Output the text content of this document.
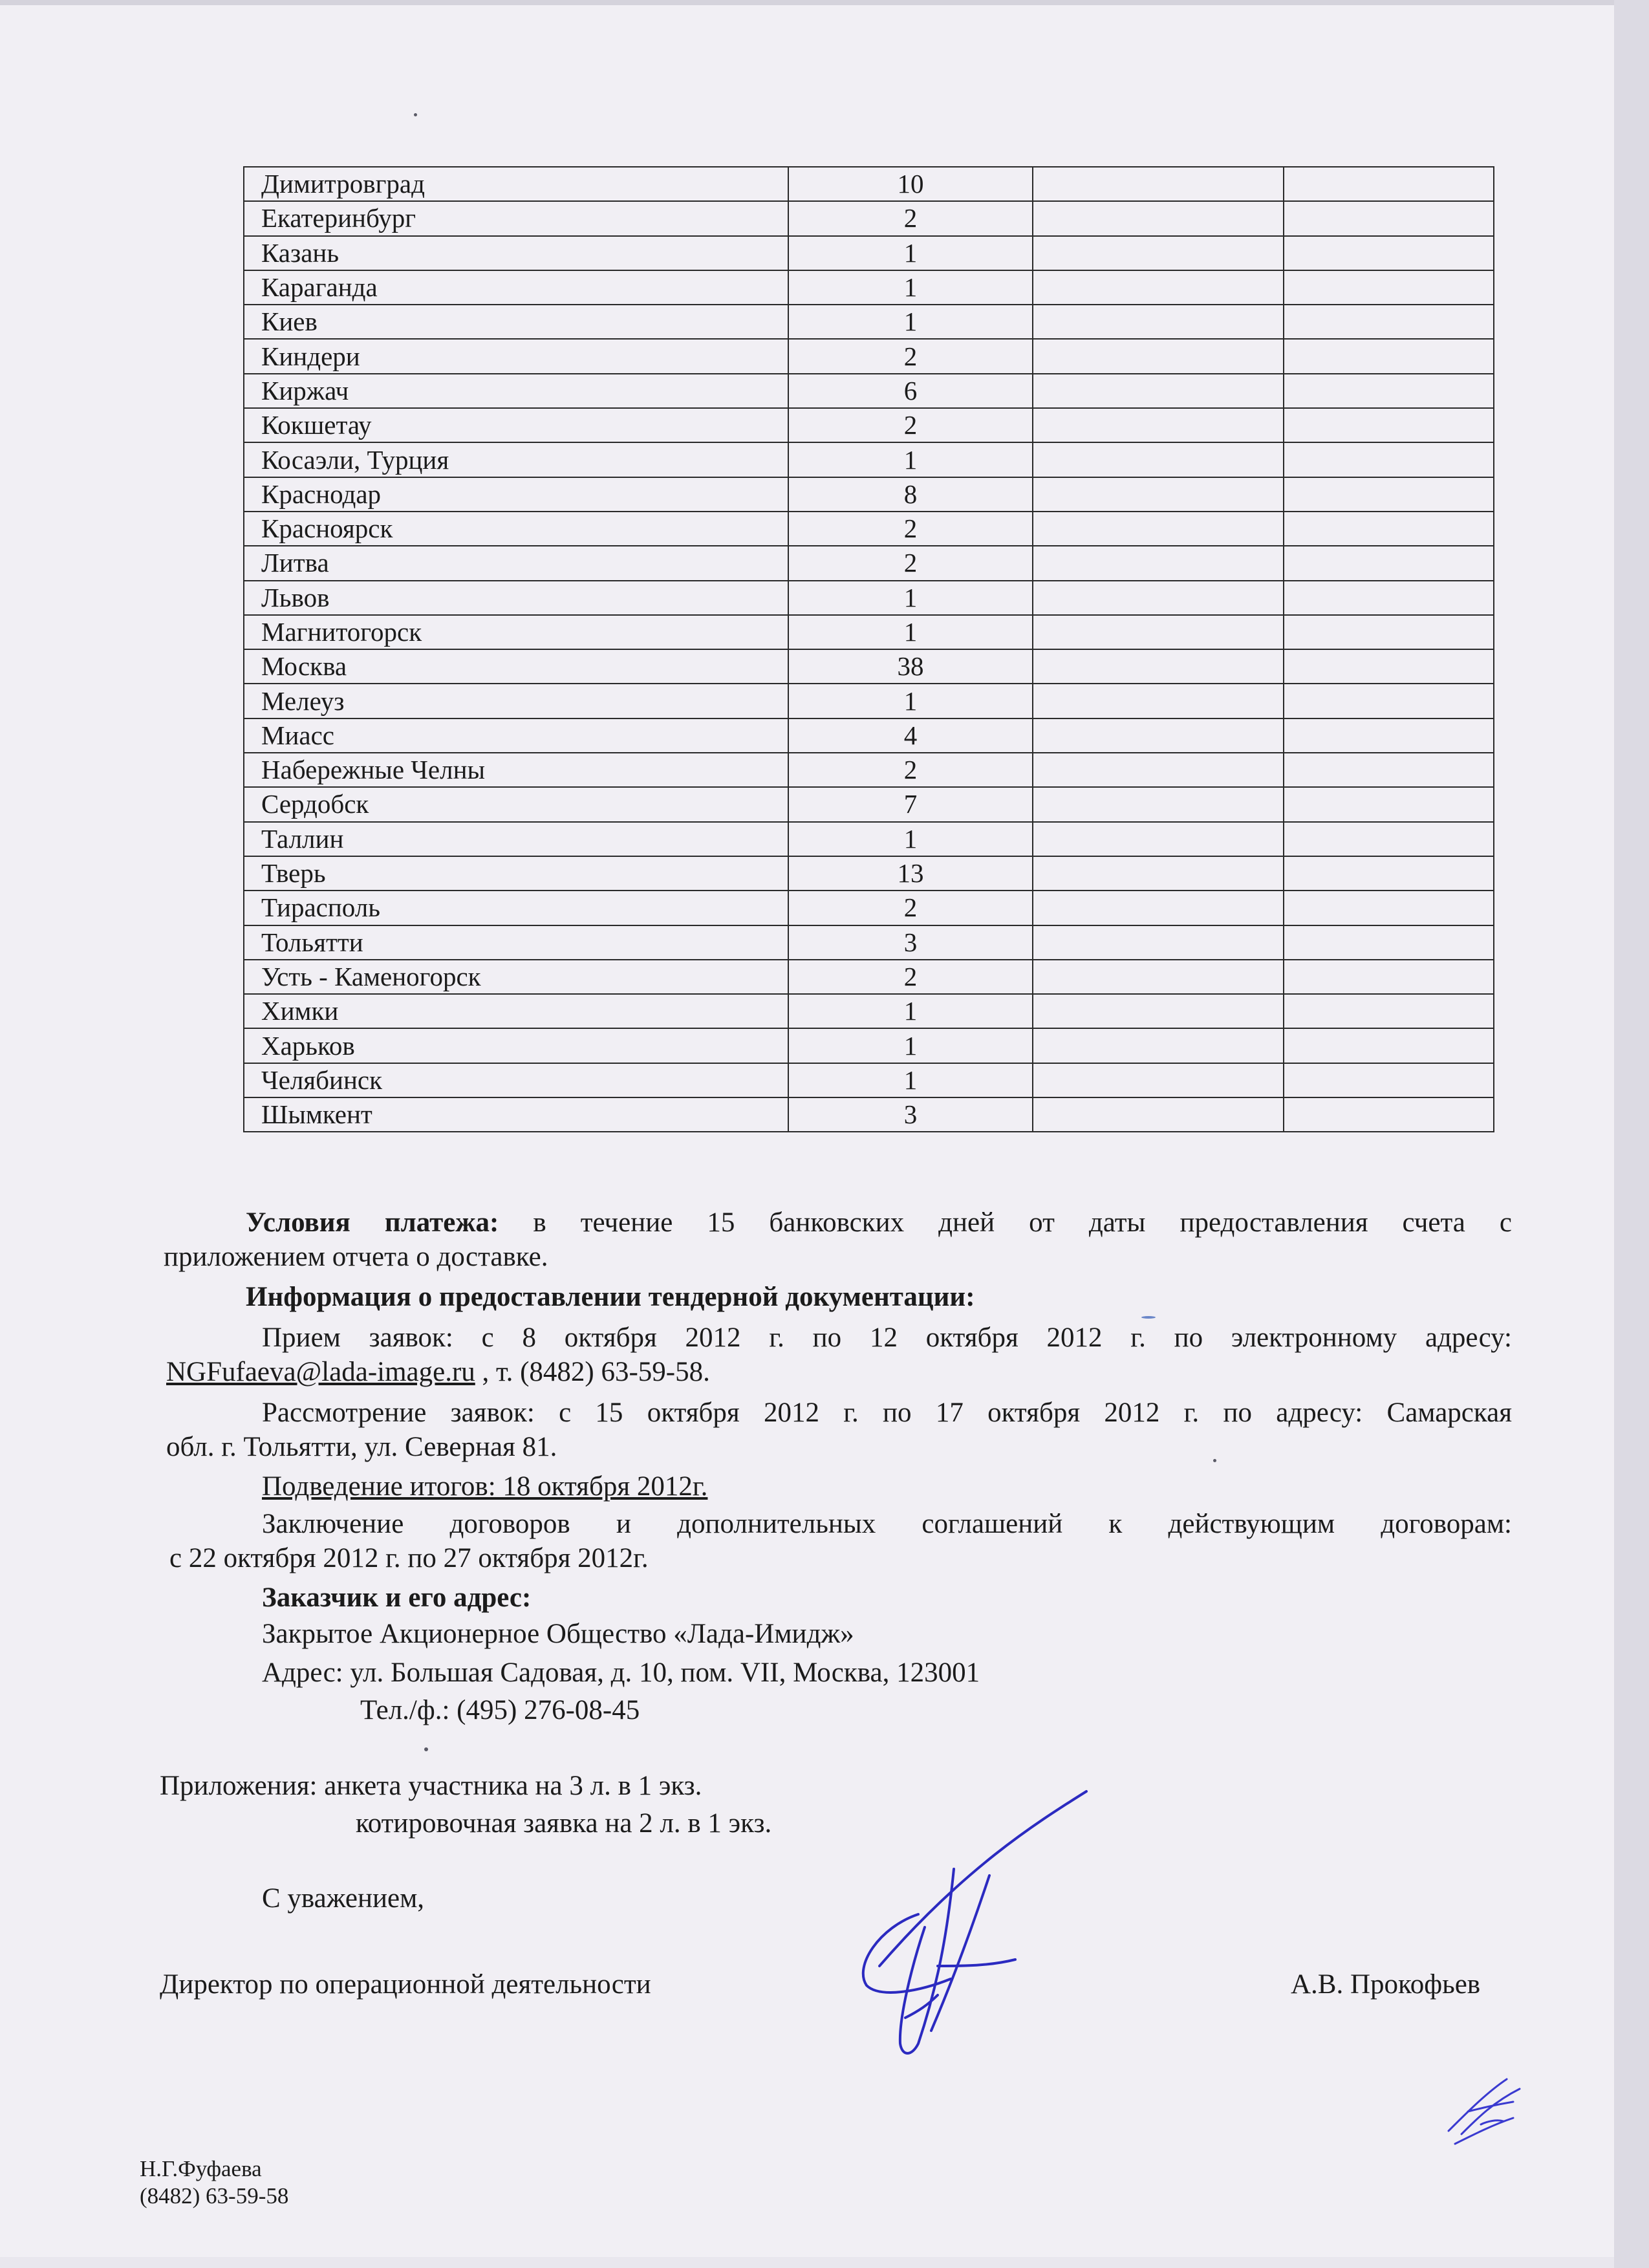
Димитровград	10		
Екатеринбург	2		
Казань	1		
Караганда	1		
Киев	1		
Киндери	2		
Киржач	6		
Кокшетау	2		
Косаэли, Турция	1		
Краснодар	8		
Красноярск	2		
Литва	2		
Львов	1		
Магнитогорск	1		
Москва	38		
Мелеуз	1		
Миасс	4		
Набережные Челны	2		
Сердобск	7		
Таллин	1		
Тверь	13		
Тирасполь	2		
Тольятти	3		
Усть - Каменогорск	2		
Химки	1		
Харьков	1		
Челябинск	1		
Шымкент	3		
Условия платежа: в течение 15 банковских дней от даты предоставления счета с
приложением отчета о доставке.
Информация о предоставлении тендерной документации:
Прием заявок: с 8 октября 2012 г. по 12 октября 2012 г. по электронному адресу:
NGFufaeva@lada-image.ru , т. (8482) 63-59-58.
Рассмотрение заявок: с 15 октября 2012 г. по 17 октября 2012 г. по адресу: Самарская
обл. г. Тольятти, ул. Северная 81.
Подведение итогов: 18 октября 2012г.
Заключение договоров и дополнительных соглашений к действующим договорам:
с 22 октября 2012 г. по 27 октября 2012г.
Заказчик и его адрес:
Закрытое Акционерное Общество «Лада-Имидж»
Адрес: ул. Большая Садовая, д. 10, пом. VII, Москва, 123001
Тел./ф.: (495) 276-08-45
Приложения: анкета участника на 3 л. в 1 экз.
котировочная заявка на 2 л. в 1 экз.
С уважением,
Директор по операционной деятельности	А.В. Прокофьев
Н.Г.Фуфаева
(8482) 63-59-58
